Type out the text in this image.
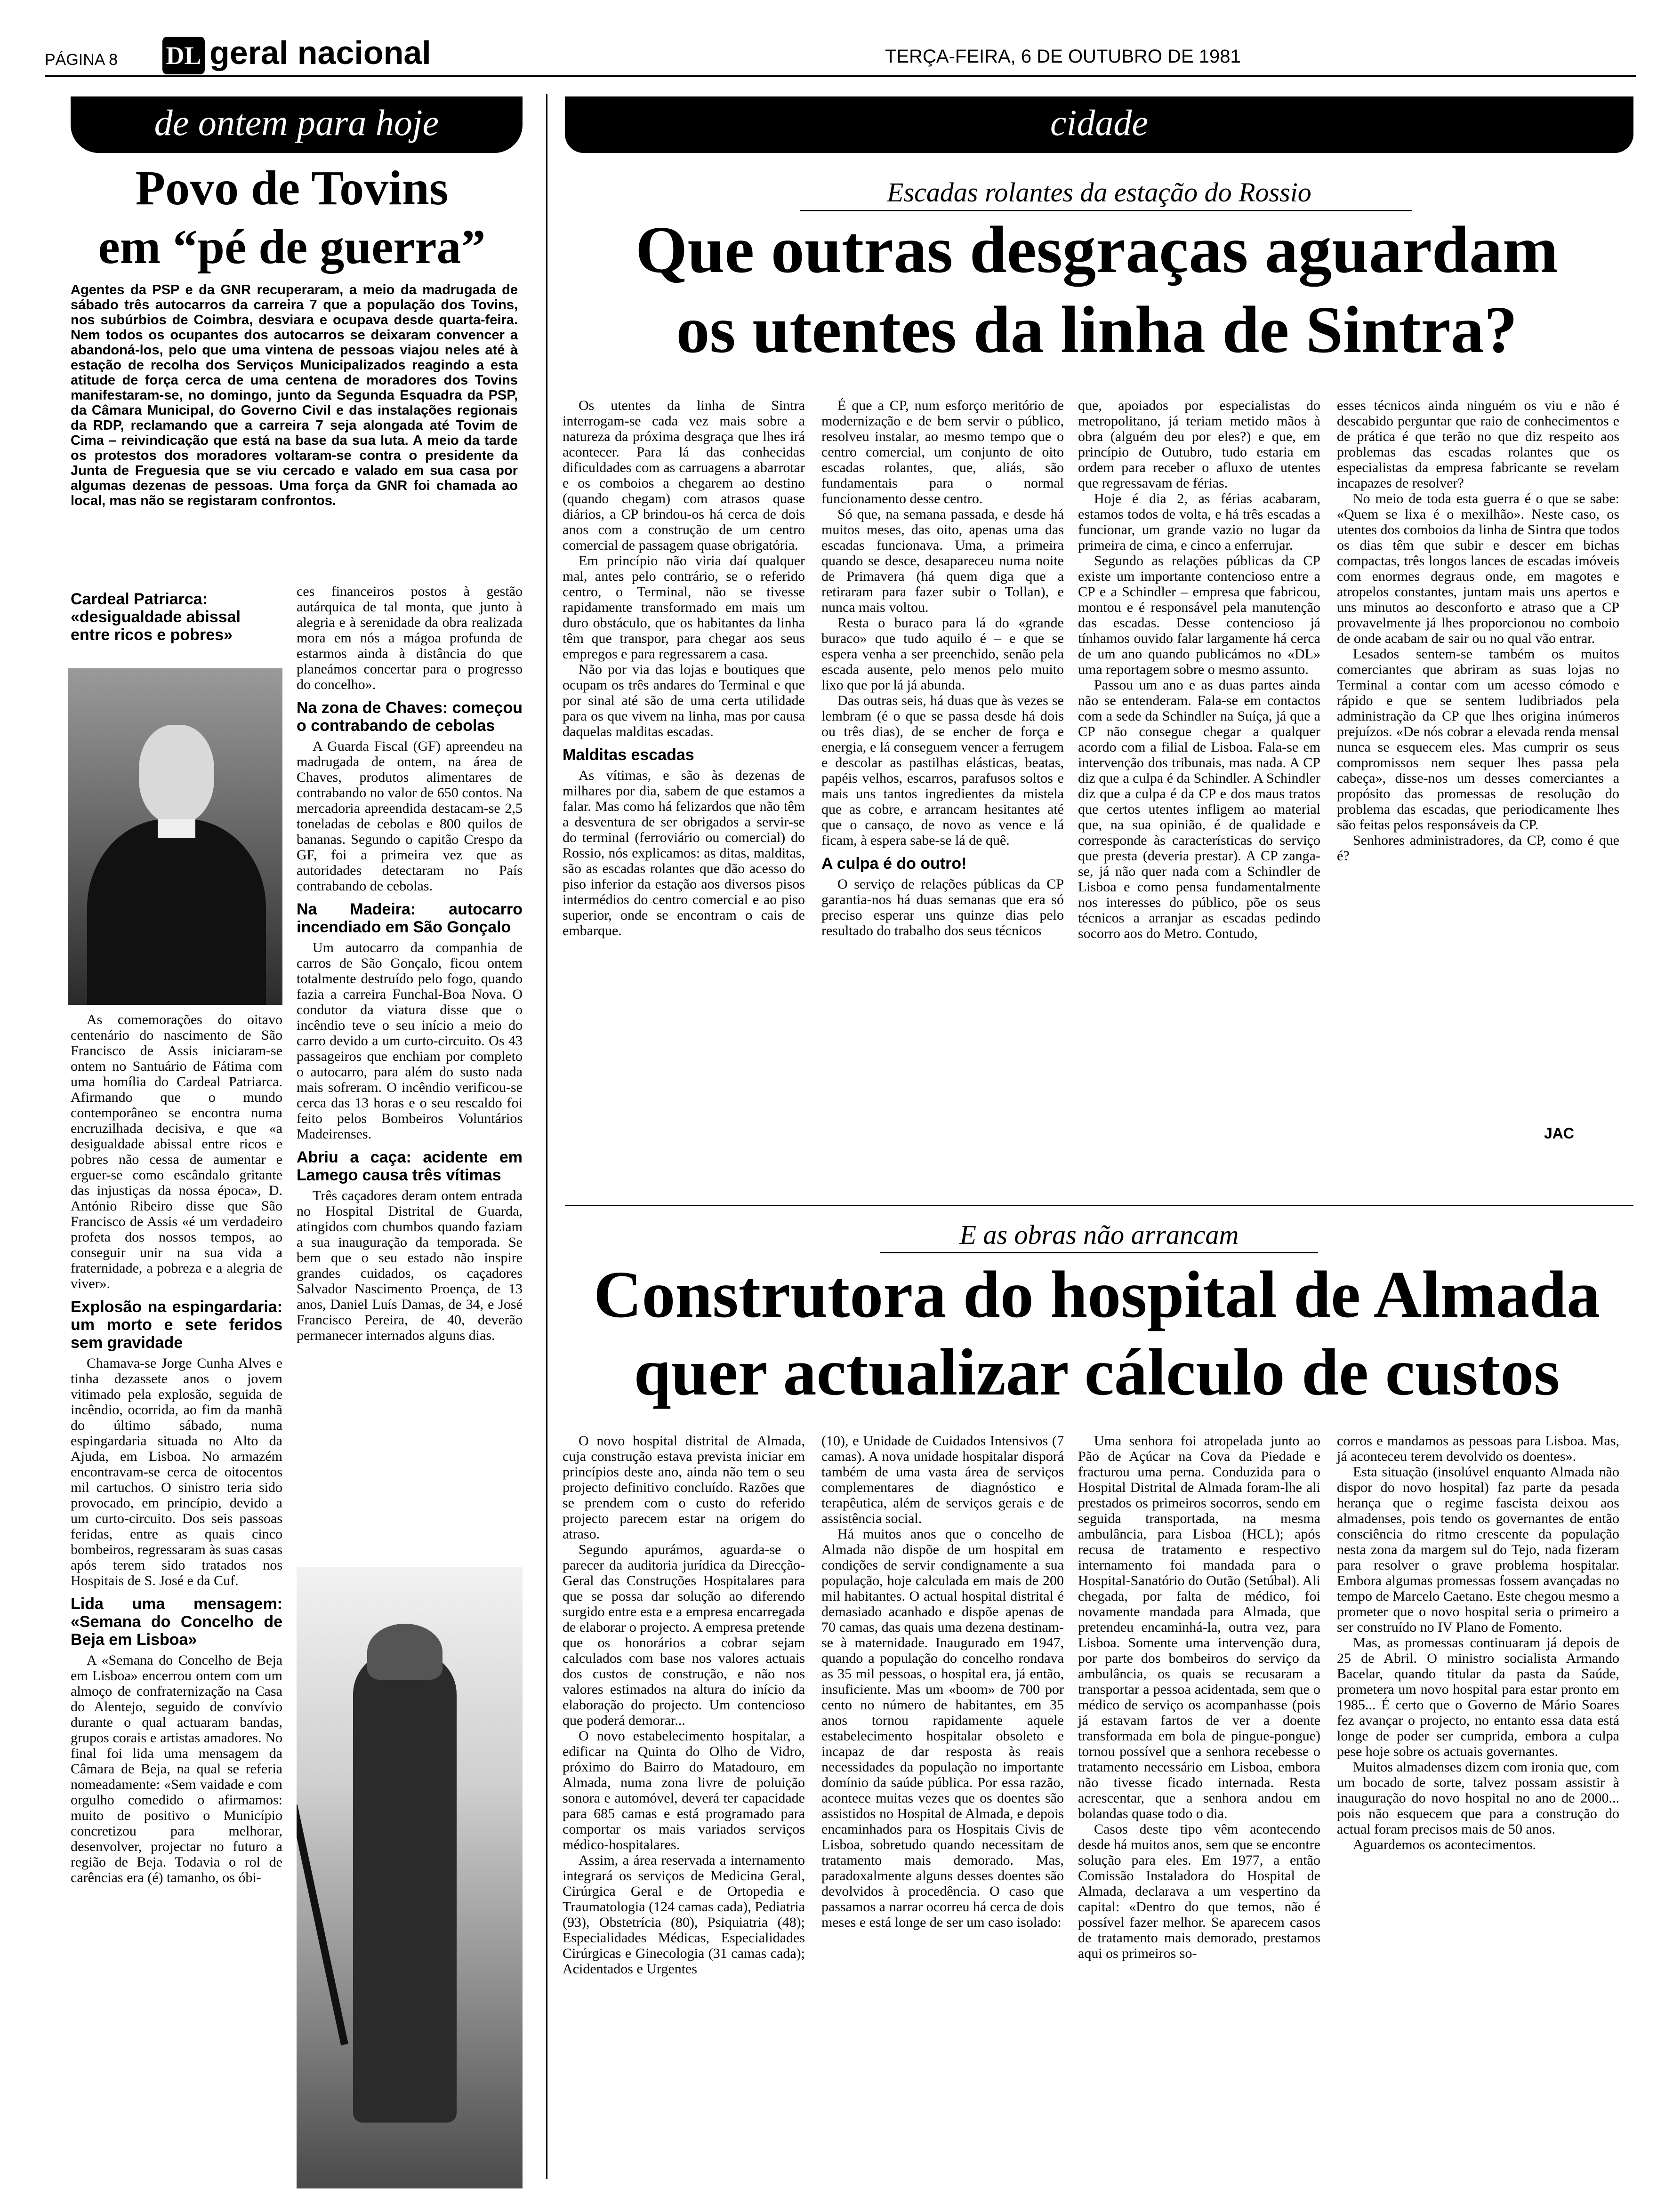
PÁGINA 8 DL geral nacional	TERÇA-FEIRA, 6 DE OUTUBRO DE 1981
de ontem para hoje
Povo de Tovins
em “pé de guerra”
Agentes da PSP e da GNR recuperaram, a meio da madrugada de sábado três autocarros da carreira 7 que a população dos Tovins, nos subúrbios de Coimbra, desviara e ocupava desde quarta-feira. Nem todos os ocupantes dos autocarros se deixaram convencer a abandoná-los, pelo que uma vintena de pessoas viajou neles até à estação de recolha dos Serviços Municipalizados reagindo a esta atitude de força cerca de uma centena de moradores dos Tovins manifestaram-se, no domingo, junto da Segunda Esquadra da PSP, da Câmara Municipal, do Governo Civil e das instalações regionais da RDP, reclamando que a carreira 7 seja alongada até Tovim de Cima – reivindicação que está na base da sua luta. A meio da tarde os protestos dos moradores voltaram-se contra o presidente da Junta de Freguesia que se viu cercado e valado em sua casa por algumas dezenas de pessoas. Uma força da GNR foi chamada ao local, mas não se registaram confrontos.
Cardeal Patriarca: «desigualdade abissal entre ricos e pobres»

As comemorações do oitavo centenário do nascimento de São Francisco de Assis iniciaram-se ontem no Santuário de Fátima com uma homília do Cardeal Patriarca. Afirmando que o mundo contemporâneo se encontra numa encruzilhada decisiva, e que «a desigualdade abissal entre ricos e pobres não cessa de aumentar e erguer-se como escândalo gritante das injustiças da nossa época», D. António Ribeiro disse que São Francisco de Assis «é um verdadeiro profeta dos nossos tempos, ao conseguir unir na sua vida a fraternidade, a pobreza e a alegria de viver».

Explosão na espingardaria: um morto e sete feridos sem gravidade

Chamava-se Jorge Cunha Alves e tinha dezassete anos o jovem vitimado pela explosão, seguida de incêndio, ocorrida, ao fim da manhã do último sábado, numa espingardaria situada no Alto da Ajuda, em Lisboa. No armazém encontravam-se cerca de oitocentos mil cartuchos. O sinistro teria sido provocado, em princípio, devido a um curto-circuito. Dos seis passoas feridas, entre as quais cinco bombeiros, regressaram às suas casas após terem sido tratados nos Hospitais de S. José e da Cuf.

Lida uma mensagem: «Semana do Concelho de Beja em Lisboa»

A «Semana do Concelho de Beja em Lisboa» encerrou ontem com um almoço de confraternização na Casa do Alentejo, seguido de convívio durante o qual actuaram bandas, grupos corais e artistas amadores. No final foi lida uma mensagem da Câmara de Beja, na qual se referia nomeadamente: «Sem vaidade e com orgulho comedido o afirmamos: muito de positivo o Município concretizou para melhorar, desenvolver, projectar no futuro a região de Beja. Todavia o rol de carências era (é) tamanho, os óbi-

ces financeiros postos à gestão autárquica de tal monta, que junto à alegria e à serenidade da obra realizada mora em nós a mágoa profunda de estarmos ainda à distância do que planeámos concertar para o progresso do concelho».

Na zona de Chaves: começou o contrabando de cebolas

A Guarda Fiscal (GF) apreendeu na madrugada de ontem, na área de Chaves, produtos alimentares de contrabando no valor de 650 contos. Na mercadoria apreendida destacam-se 2,5 toneladas de cebolas e 800 quilos de bananas. Segundo o capitão Crespo da GF, foi a primeira vez que as autoridades detectaram no País contrabando de cebolas.

Na Madeira: autocarro incendiado em São Gonçalo

Um autocarro da companhia de carros de São Gonçalo, ficou ontem totalmente destruído pelo fogo, quando fazia a carreira Funchal-Boa Nova. O condutor da viatura disse que o incêndio teve o seu início a meio do carro devido a um curto-circuito. Os 43 passageiros que enchiam por completo o autocarro, para além do susto nada mais sofreram. O incêndio verificou-se cerca das 13 horas e o seu rescaldo foi feito pelos Bombeiros Voluntários Madeirenses.

Abriu a caça: acidente em Lamego causa três vítimas

Três caçadores deram ontem entrada no Hospital Distrital de Guarda, atingidos com chumbos quando faziam a sua inauguração da temporada. Se bem que o seu estado não inspire grandes cuidados, os caçadores Salvador Nascimento Proença, de 13 anos, Daniel Luís Damas, de 34, e José Francisco Pereira, de 40, deverão permanecer internados alguns dias.

cidade
Escadas rolantes da estação do Rossio
Que outras desgraças aguardam
os utentes da linha de Sintra?

Os utentes da linha de Sintra interrogam-se cada vez mais sobre a natureza da próxima desgraça que lhes irá acontecer. Para lá das conhecidas dificuldades com as carruagens a abarrotar e os comboios a chegarem ao destino (quando chegam) com atrasos quase diários, a CP brindou-os há cerca de dois anos com a construção de um centro comercial de passagem quase obrigatória.

Em princípio não viria daí qualquer mal, antes pelo contrário, se o referido centro, o Terminal, não se tivesse rapidamente transformado em mais um duro obstáculo, que os habitantes da linha têm que transpor, para chegar aos seus empregos e para regressarem a casa.

Não por via das lojas e boutiques que ocupam os três andares do Terminal e que por sinal até são de uma certa utilidade para os que vivem na linha, mas por causa daquelas malditas escadas.

Malditas escadas

As vítimas, e são às dezenas de milhares por dia, sabem de que estamos a falar. Mas como há felizardos que não têm a desventura de ser obrigados a servir-se do terminal (ferroviário ou comercial) do Rossio, nós explicamos: as ditas, malditas, são as escadas rolantes que dão acesso do piso inferior da estação aos diversos pisos intermédios do centro comercial e ao piso superior, onde se encontram o cais de embarque.

É que a CP, num esforço meritório de modernização e de bem servir o público, resolveu instalar, ao mesmo tempo que o centro comercial, um conjunto de oito escadas rolantes, que, aliás, são fundamentais para o normal funcionamento desse centro.

Só que, na semana passada, e desde há muitos meses, das oito, apenas uma das escadas funcionava. Uma, a primeira quando se desce, desapareceu numa noite de Primavera (há quem diga que a retiraram para fazer subir o Tollan), e nunca mais voltou.

Resta o buraco para lá do «grande buraco» que tudo aquilo é – e que se espera venha a ser preenchido, senão pela escada ausente, pelo menos pelo muito lixo que por lá já abunda.

Das outras seis, há duas que às vezes se lembram (é o que se passa desde há dois ou três dias), de se encher de força e energia, e lá conseguem vencer a ferrugem e descolar as pastilhas elásticas, beatas, papéis velhos, escarros, parafusos soltos e mais uns tantos ingredientes da mistela que as cobre, e arrancam hesitantes até que o cansaço, de novo as vence e lá ficam, à espera sabe-se lá de quê.

A culpa é do outro!

O serviço de relações públicas da CP garantia-nos há duas semanas que era só preciso esperar uns quinze dias pelo resultado do trabalho dos seus técnicos

que, apoiados por especialistas do metropolitano, já teriam metido mãos à obra (alguém deu por eles?) e que, em princípio de Outubro, tudo estaria em ordem para receber o afluxo de utentes que regressavam de férias.

Hoje é dia 2, as férias acabaram, estamos todos de volta, e há três escadas a funcionar, um grande vazio no lugar da primeira de cima, e cinco a enferrujar.

Segundo as relações públicas da CP existe um importante contencioso entre a CP e a Schindler – empresa que fabricou, montou e é responsável pela manutenção das escadas. Desse contencioso já tínhamos ouvido falar largamente há cerca de um ano quando publicámos no «DL» uma reportagem sobre o mesmo assunto.

Passou um ano e as duas partes ainda não se entenderam. Fala-se em contactos com a sede da Schindler na Suíça, já que a CP não consegue chegar a qualquer acordo com a filial de Lisboa. Fala-se em intervenção dos tribunais, mas nada. A CP diz que a culpa é da Schindler. A Schindler diz que a culpa é da CP e dos maus tratos que certos utentes infligem ao material que, na sua opinião, é de qualidade e corresponde às características do serviço que presta (deveria prestar). A CP zanga-se, já não quer nada com a Schindler de Lisboa e como pensa fundamentalmente nos interesses do público, põe os seus técnicos a arranjar as escadas pedindo socorro aos do Metro. Contudo,

esses técnicos ainda ninguém os viu e não é descabido perguntar que raio de conhecimentos e de prática é que terão no que diz respeito aos problemas das escadas rolantes que os especialistas da empresa fabricante se revelam incapazes de resolver?

No meio de toda esta guerra é o que se sabe: «Quem se lixa é o mexilhão». Neste caso, os utentes dos comboios da linha de Sintra que todos os dias têm que subir e descer em bichas compactas, três longos lances de escadas imóveis com enormes degraus onde, em magotes e atropelos constantes, juntam mais uns apertos e uns minutos ao desconforto e atraso que a CP provavelmente já lhes proporcionou no comboio de onde acabam de sair ou no qual vão entrar.

Lesados sentem-se também os muitos comerciantes que abriram as suas lojas no Terminal a contar com um acesso cómodo e rápido e que se sentem ludibriados pela administração da CP que lhes origina inúmeros prejuízos. «De nós cobrar a elevada renda mensal nunca se esquecem eles. Mas cumprir os seus compromissos nem sequer lhes passa pela cabeça», disse-nos um desses comerciantes a propósito das promessas de resolução do problema das escadas, que periodicamente lhes são feitas pelos responsáveis da CP.

Senhores administradores, da CP, como é que é?

JAC
E as obras não arrancam
Construtora do hospital de Almada
quer actualizar cálculo de custos

O novo hospital distrital de Almada, cuja construção estava prevista iniciar em princípios deste ano, ainda não tem o seu projecto definitivo concluído. Razões que se prendem com o custo do referido projecto parecem estar na origem do atraso.

Segundo apurámos, aguarda-se o parecer da auditoria jurídica da Direcção-Geral das Construções Hospitalares para que se possa dar solução ao diferendo surgido entre esta e a empresa encarregada de elaborar o projecto. A empresa pretende que os honorários a cobrar sejam calculados com base nos valores actuais dos custos de construção, e não nos valores estimados na altura do início da elaboração do projecto. Um contencioso que poderá demorar...

O novo estabelecimento hospitalar, a edificar na Quinta do Olho de Vidro, próximo do Bairro do Matadouro, em Almada, numa zona livre de poluição sonora e automóvel, deverá ter capacidade para 685 camas e está programado para comportar os mais variados serviços médico-hospitalares.

Assim, a área reservada a internamento integrará os serviços de Medicina Geral, Cirúrgica Geral e de Ortopedia e Traumatologia (124 camas cada), Pediatria (93), Obstetrícia (80), Psiquiatria (48); Especialidades Médicas, Especialidades Cirúrgicas e Ginecologia (31 camas cada); Acidentados e Urgentes

(10), e Unidade de Cuidados Intensivos (7 camas). A nova unidade hospitalar disporá também de uma vasta área de serviços complementares de diagnóstico e terapêutica, além de serviços gerais e de assistência social.

Há muitos anos que o concelho de Almada não dispõe de um hospital em condições de servir condignamente a sua população, hoje calculada em mais de 200 mil habitantes. O actual hospital distrital é demasiado acanhado e dispõe apenas de 70 camas, das quais uma dezena destinam-se à maternidade. Inaugurado em 1947, quando a população do concelho rondava as 35 mil pessoas, o hospital era, já então, insuficiente. Mas um «boom» de 700 por cento no número de habitantes, em 35 anos tornou rapidamente aquele estabelecimento hospitalar obsoleto e incapaz de dar resposta às reais necessidades da população no importante domínio da saúde pública. Por essa razão, acontece muitas vezes que os doentes são assistidos no Hospital de Almada, e depois encaminhados para os Hospitais Civis de Lisboa, sobretudo quando necessitam de tratamento mais demorado. Mas, paradoxalmente alguns desses doentes são devolvidos à procedência. O caso que passamos a narrar ocorreu há cerca de dois meses e está longe de ser um caso isolado:

Uma senhora foi atropelada junto ao Pão de Açúcar na Cova da Piedade e fracturou uma perna. Conduzida para o Hospital Distrital de Almada foram-lhe ali prestados os primeiros socorros, sendo em seguida transportada, na mesma ambulância, para Lisboa (HCL); após recusa de tratamento e respectivo internamento foi mandada para o Hospital-Sanatório do Outão (Setúbal). Ali chegada, por falta de médico, foi novamente mandada para Almada, que pretendeu encaminhá-la, outra vez, para Lisboa. Somente uma intervenção dura, por parte dos bombeiros do serviço da ambulância, os quais se recusaram a transportar a pessoa acidentada, sem que o médico de serviço os acompanhasse (pois já estavam fartos de ver a doente transformada em bola de pingue-pongue) tornou possível que a senhora recebesse o tratamento necessário em Lisboa, embora não tivesse ficado internada. Resta acrescentar, que a senhora andou em bolandas quase todo o dia.

Casos deste tipo vêm acontecendo desde há muitos anos, sem que se encontre solução para eles. Em 1977, a então Comissão Instaladora do Hospital de Almada, declarava a um vespertino da capital: «Dentro do que temos, não é possível fazer melhor. Se aparecem casos de tratamento mais demorado, prestamos aqui os primeiros so-

corros e mandamos as pessoas para Lisboa. Mas, já aconteceu terem devolvido os doentes».

Esta situação (insolúvel enquanto Almada não dispor do novo hospital) faz parte da pesada herança que o regime fascista deixou aos almadenses, pois tendo os governantes de então consciência do ritmo crescente da população nesta zona da margem sul do Tejo, nada fizeram para resolver o grave problema hospitalar. Embora algumas promessas fossem avançadas no tempo de Marcelo Caetano. Este chegou mesmo a prometer que o novo hospital seria o primeiro a ser construído no IV Plano de Fomento.

Mas, as promessas continuaram já depois de 25 de Abril. O ministro socialista Armando Bacelar, quando titular da pasta da Saúde, prometera um novo hospital para estar pronto em 1985... É certo que o Governo de Mário Soares fez avançar o projecto, no entanto essa data está longe de poder ser cumprida, embora a culpa pese hoje sobre os actuais governantes.

Muitos almadenses dizem com ironia que, com um bocado de sorte, talvez possam assistir à inauguração do novo hospital no ano de 2000... pois não esquecem que para a construção do actual foram precisos mais de 50 anos.

Aguardemos os acontecimentos.
